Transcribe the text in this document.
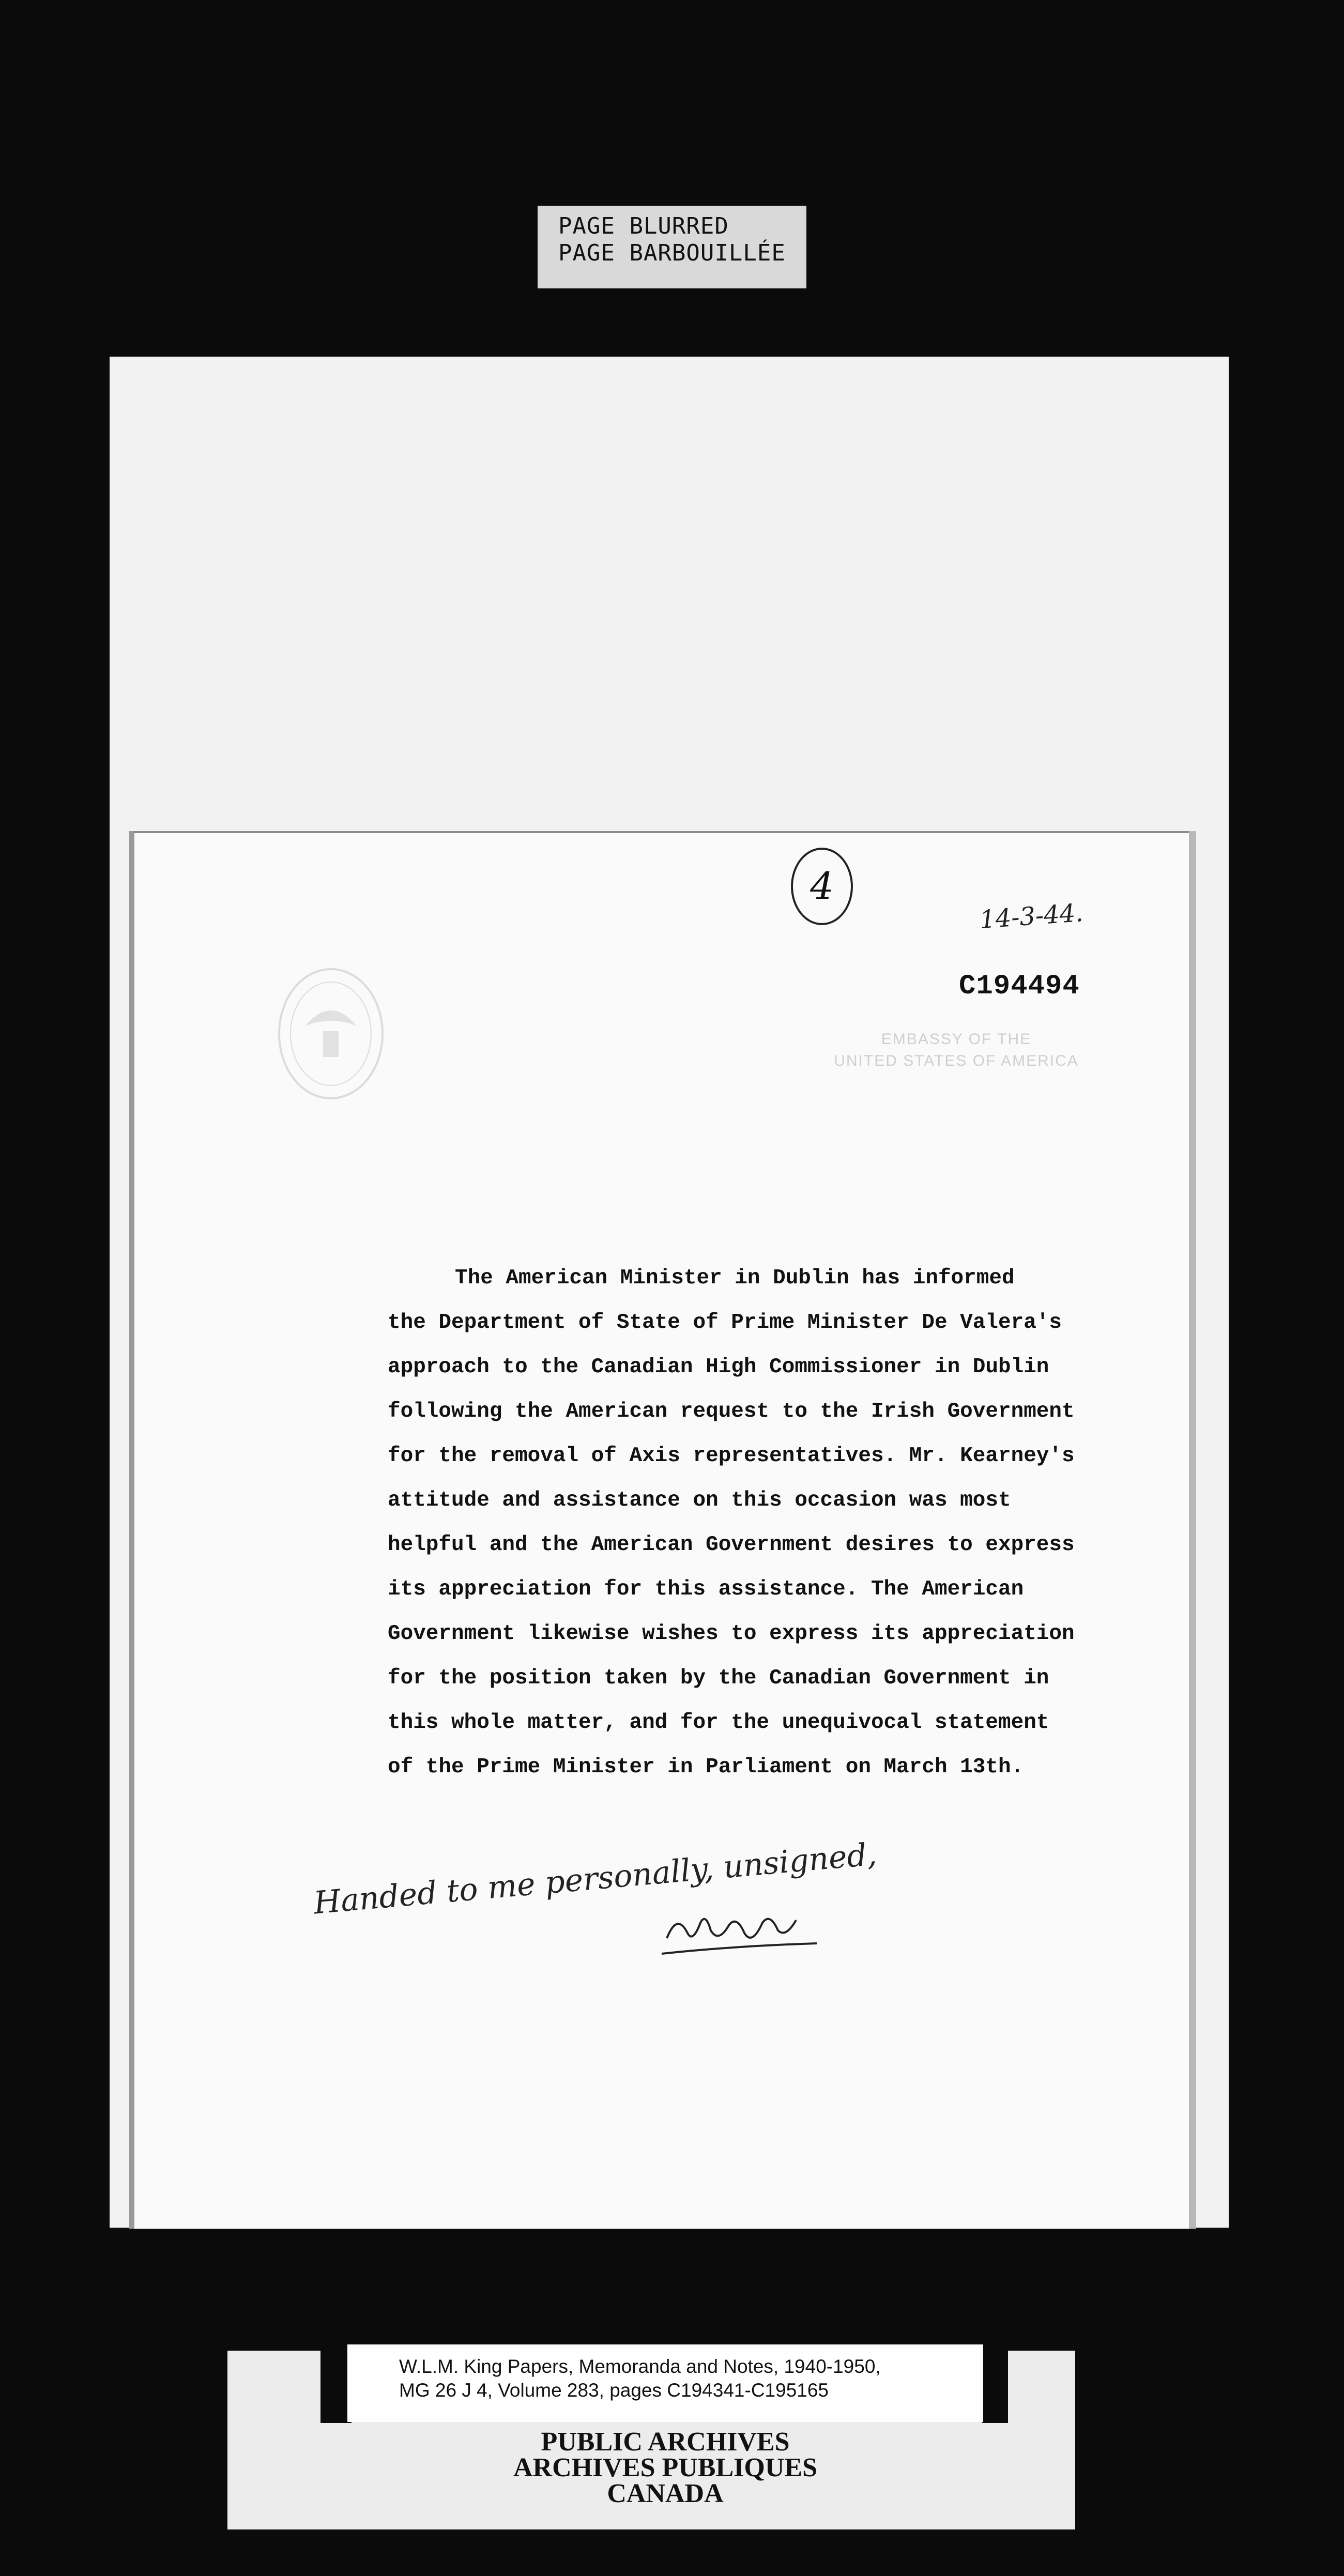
PAGE BLURRED
PAGE BARBOUILLÉE
4
14-3-44.
C194494
EMBASSY OF THE
UNITED STATES OF AMERICA
The American Minister in Dublin has informed
the Department of State of Prime Minister De Valera's
approach to the Canadian High Commissioner in Dublin
following the American request to the Irish Government
for the removal of Axis representatives. Mr. Kearney's
attitude and assistance on this occasion was most
helpful and the American Government desires to express
its appreciation for this assistance. The American
Government likewise wishes to express its appreciation
for the position taken by the Canadian Government in
this whole matter, and for the unequivocal statement
of the Prime Minister in Parliament on March 13th.
Handed to me personally, unsigned,
W.L.M. King Papers, Memoranda and Notes, 1940-1950,
MG 26 J 4, Volume 283, pages C194341-C195165
PUBLIC ARCHIVES
ARCHIVES PUBLIQUES
CANADA
